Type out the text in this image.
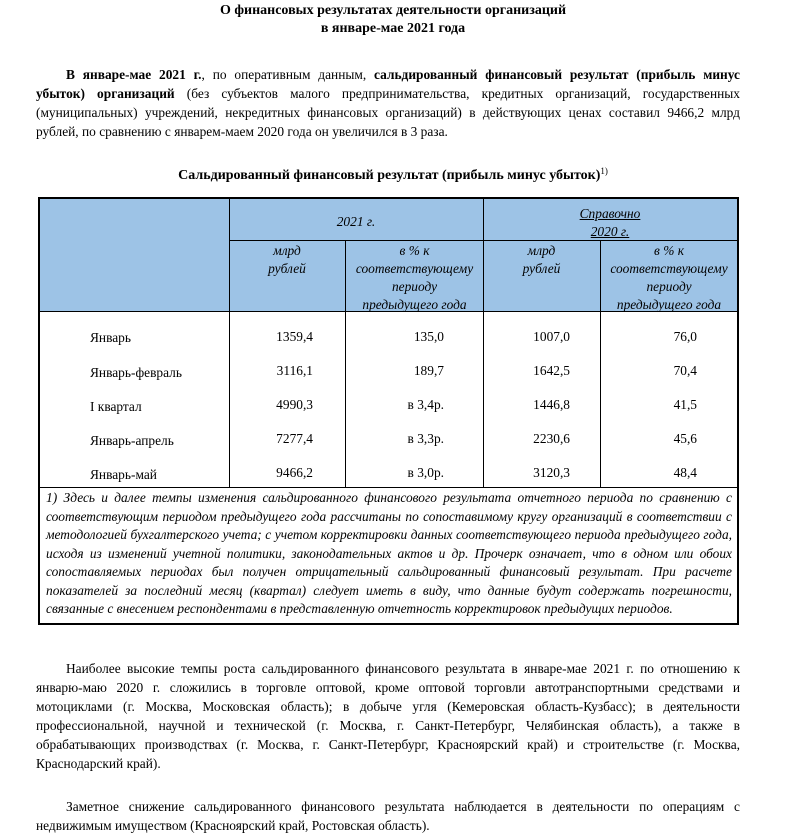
О финансовых результатах деятельности организаций
в январе-мае 2021 года
В январе-мае 2021 г., по оперативным данным, сальдированный финансовый результат (прибыль минус убыток) организаций (без субъектов малого предпринимательства, кредитных организаций, государственных (муниципальных) учреждений, некредитных финансовых организаций) в действующих ценах составил 9466,2 млрд рублей, по сравнению с январем-маем 2020 года он увеличился в 3 раза.
Сальдированный финансовый результат (прибыль минус убыток)$^{1)}$
2021 г.
Справочно
2020 г.
млрд
рублей
в % к
соответствующему
периоду
предыдущего года
млрд
рублей
в % к
соответствующему
периоду
предыдущего года
Январь	1359,4	135,0	1007,0	76,0
Январь-февраль	3116,1	189,7	1642,5	70,4
I квартал	4990,3	в 3,4р.	1446,8	41,5
Январь-апрель	7277,4	в 3,3р.	2230,6	45,6
Январь-май	9466,2	в 3,0р.	3120,3	48,4
1) Здесь и далее темпы изменения сальдированного финансового результата отчетного периода по сравнению с соответствующим периодом предыдущего года рассчитаны по сопоставимому кругу организаций в соответствии с методологией бухгалтерского учета; с учетом корректировки данных соответствующего периода предыдущего года, исходя из изменений учетной политики, законодательных актов и др. Прочерк означает, что в одном или обоих сопоставляемых периодах был получен отрицательный сальдированный финансовый результат. При расчете показателей за последний месяц (квартал) следует иметь в виду, что данные будут содержать погрешности, связанные с внесением респондентами в представленную отчетность корректировок предыдущих периодов.
Наиболее высокие темпы роста сальдированного финансового результата в январе-мае 2021 г. по отношению к январю-маю 2020 г. сложились в торговле оптовой, кроме оптовой торговли автотранспортными средствами и мотоциклами (г. Москва, Московская область); в добыче угля (Кемеровская область-Кузбасс); в деятельности профессиональной, научной и технической (г. Москва, г. Санкт-Петербург, Челябинская область), а также в обрабатывающих производствах (г. Москва, г. Санкт-Петербург, Красноярский край) и строительстве (г. Москва, Краснодарский край).
Заметное снижение сальдированного финансового результата наблюдается в деятельности по операциям с недвижимым имуществом (Красноярский край, Ростовская область).
